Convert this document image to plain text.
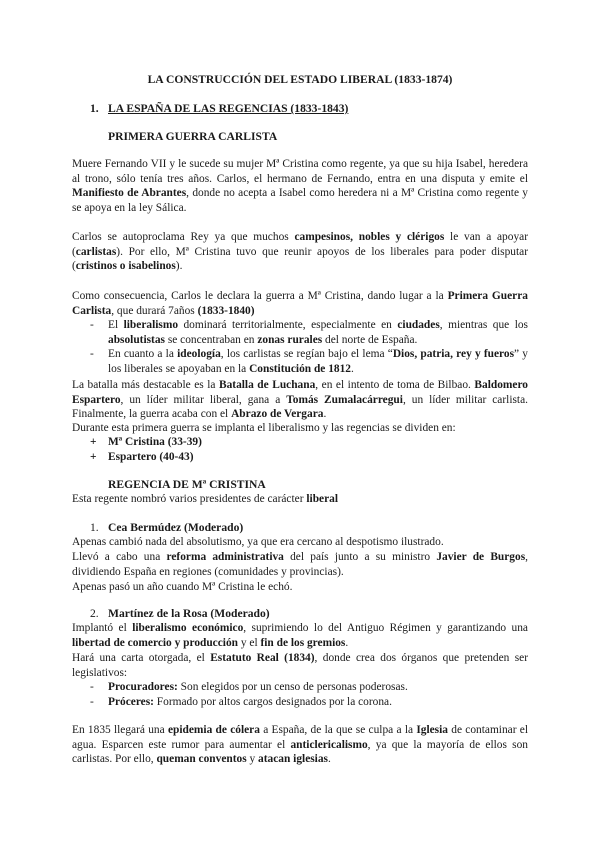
LA CONSTRUCCIÓN DEL ESTADO LIBERAL (1833-1874)
1. LA ESPAÑA DE LAS REGENCIAS (1833-1843)
PRIMERA GUERRA CARLISTA

Muere Fernando VII y le sucede su mujer Mª Cristina como regente, ya que su hija Isabel, heredera al trono, sólo tenía tres años. Carlos, el hermano de Fernando, entra en una disputa y emite el Manifiesto de Abrantes, donde no acepta a Isabel como heredera ni a Mª Cristina como regente y se apoya en la ley Sálica.

Carlos se autoproclama Rey ya que muchos campesinos, nobles y clérigos le van a apoyar (carlistas). Por ello, Mª Cristina tuvo que reunir apoyos de los liberales para poder disputar (cristinos o isabelinos).

Como consecuencia, Carlos le declara la guerra a Mª Cristina, dando lugar a la Primera Guerra Carlista, que durará 7años (1833-1840)

- El liberalismo dominará territorialmente, especialmente en ciudades, mientras que los absolutistas se concentraban en zonas rurales del norte de España.
- En cuanto a la ideología, los carlistas se regían bajo el lema “Dios, patria, rey y fueros” y los liberales se apoyaban en la Constitución de 1812.

La batalla más destacable es la Batalla de Luchana, en el intento de toma de Bilbao. Baldomero Espartero, un líder militar liberal, gana a Tomás Zumalacárregui, un líder militar carlista. Finalmente, la guerra acaba con el Abrazo de Vergara.

Durante esta primera guerra se implanta el liberalismo y las regencias se dividen en:

+ Mª Cristina (33-39)
+ Espartero (40-43)
REGENCIA DE Mª CRISTINA

Esta regente nombró varios presidentes de carácter liberal

1. Cea Bermúdez (Moderado)

Apenas cambió nada del absolutismo, ya que era cercano al despotismo ilustrado.

Llevó a cabo una reforma administrativa del país junto a su ministro Javier de Burgos, dividiendo España en regiones (comunidades y provincias).

Apenas pasó un año cuando Mª Cristina le echó.

2. Martínez de la Rosa (Moderado)

Implantó el liberalismo económico, suprimiendo lo del Antiguo Régimen y garantizando una libertad de comercio y producción y el fin de los gremios.

Hará una carta otorgada, el Estatuto Real (1834), donde crea dos órganos que pretenden ser legislativos:

- Procuradores: Son elegidos por un censo de personas poderosas.
- Próceres: Formado por altos cargos designados por la corona.

En 1835 llegará una epidemia de cólera a España, de la que se culpa a la Iglesia de contaminar el agua. Esparcen este rumor para aumentar el anticlericalismo, ya que la mayoría de ellos son carlistas. Por ello, queman conventos y atacan iglesias.
